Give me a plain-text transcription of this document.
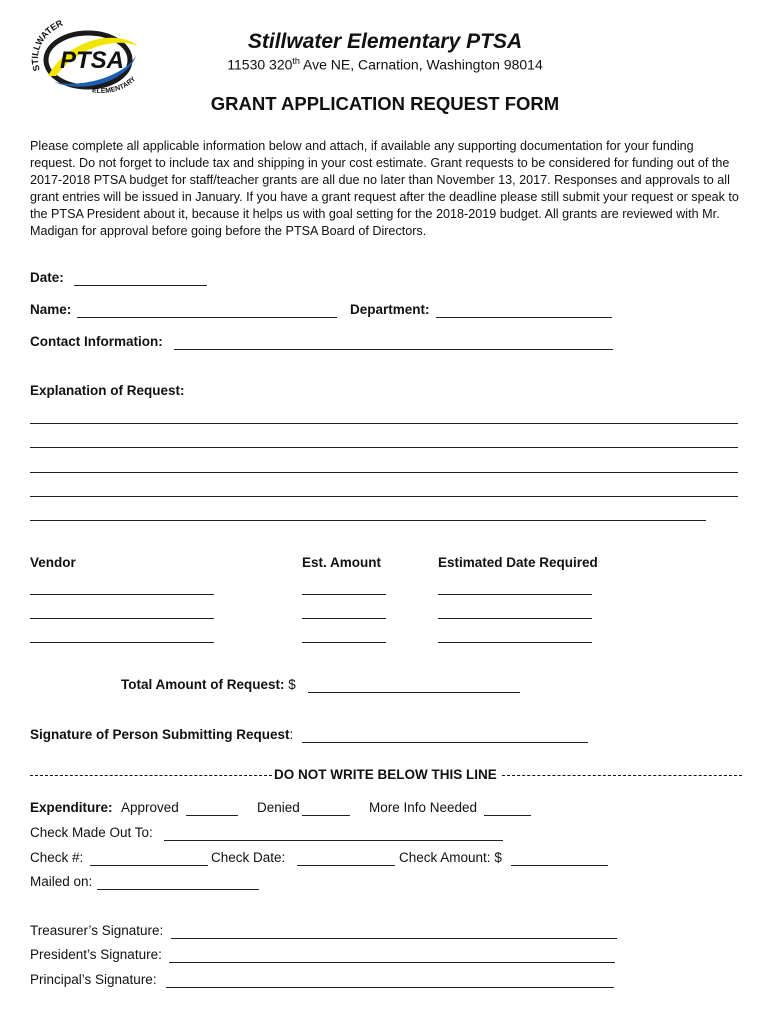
STILLWATER
ELEMENTARY
PTSA
Stillwater Elementary PTSA
11530 320th Ave NE, Carnation, Washington 98014
GRANT APPLICATION REQUEST FORM
Please complete all applicable information below and attach, if available any supporting documentation for your funding request. Do not forget to include tax and shipping in your cost estimate. Grant requests to be considered for funding out of the 2017-2018 PTSA budget for staff/teacher grants are all due no later than November 13, 2017. Responses and approvals to all grant entries will be issued in January. If you have a grant request after the deadline please still submit your request or speak to the PTSA President about it, because it helps us with goal setting for the 2018-2019 budget. All grants are reviewed with Mr. Madigan for approval before going before the PTSA Board of Directors.
Date:
Name:	Department:
Contact Information:
Explanation of Request:
Vendor	Est. Amount	Estimated Date Required
Total Amount of Request: $
Signature of Person Submitting Request:
DO NOT WRITE BELOW THIS LINE
Expenditure: Approved	Denied	More Info Needed
Check Made Out To:
Check #:	Check Date:	Check Amount: $
Mailed on:
Treasurer’s Signature:
President’s Signature:
Principal’s Signature:
